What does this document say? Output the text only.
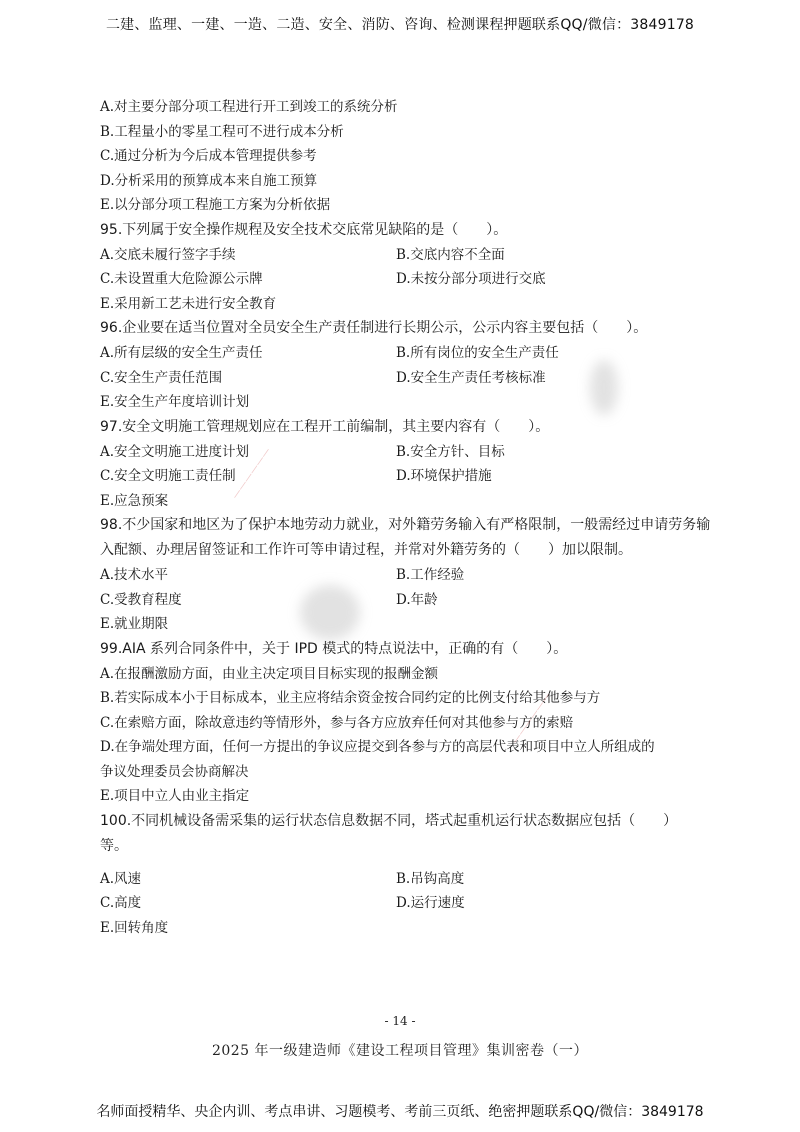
二建、监理、一建、一造、二造、安全、消防、咨询、检测课程押题联系QQ/微信：3849178
A.对主要分部分项工程进行开工到竣工的系统分析
B.工程量小的零星工程可不进行成本分析
C.通过分析为今后成本管理提供参考
D.分析采用的预算成本来自施工预算
E.以分部分项工程施工方案为分析依据
95.下列属于安全操作规程及安全技术交底常见缺陷的是（　　）。
A.交底未履行签字手续	B.交底内容不全面
C.未设置重大危险源公示牌	D.未按分部分项进行交底
E.采用新工艺未进行安全教育
96.企业要在适当位置对全员安全生产责任制进行长期公示，公示内容主要包括（　　）。
A.所有层级的安全生产责任	B.所有岗位的安全生产责任
C.安全生产责任范围	D.安全生产责任考核标准
E.安全生产年度培训计划
97.安全文明施工管理规划应在工程开工前编制，其主要内容有（　　）。
A.安全文明施工进度计划	B.安全方针、目标
C.安全文明施工责任制	D.环境保护措施
E.应急预案
98.不少国家和地区为了保护本地劳动力就业，对外籍劳务输入有严格限制，一般需经过申请劳务输入配额、办理居留签证和工作许可等申请过程，并常对外籍劳务的（　　）加以限制。
A.技术水平	B.工作经验
C.受教育程度	D.年龄
E.就业期限
99.AIA 系列合同条件中，关于 IPD 模式的特点说法中，正确的有（　　）。
A.在报酬激励方面，由业主决定项目目标实现的报酬金额
B.若实际成本小于目标成本，业主应将结余资金按合同约定的比例支付给其他参与方
C.在索赔方面，除故意违约等情形外，参与各方应放弃任何对其他参与方的索赔
D.在争端处理方面，任何一方提出的争议应提交到各参与方的高层代表和项目中立人所组成的
争议处理委员会协商解决
E.项目中立人由业主指定
100.不同机械设备需采集的运行状态信息数据不同，塔式起重机运行状态数据应包括（　　）
等。
A.风速	B.吊钩高度
C.高度	D.运行速度
E.回转角度
——————
——————
- 14 -
2025 年一级建造师《建设工程项目管理》集训密卷（一）
名师面授精华、央企内训、考点串讲、习题模考、考前三页纸、绝密押题联系QQ/微信：3849178
